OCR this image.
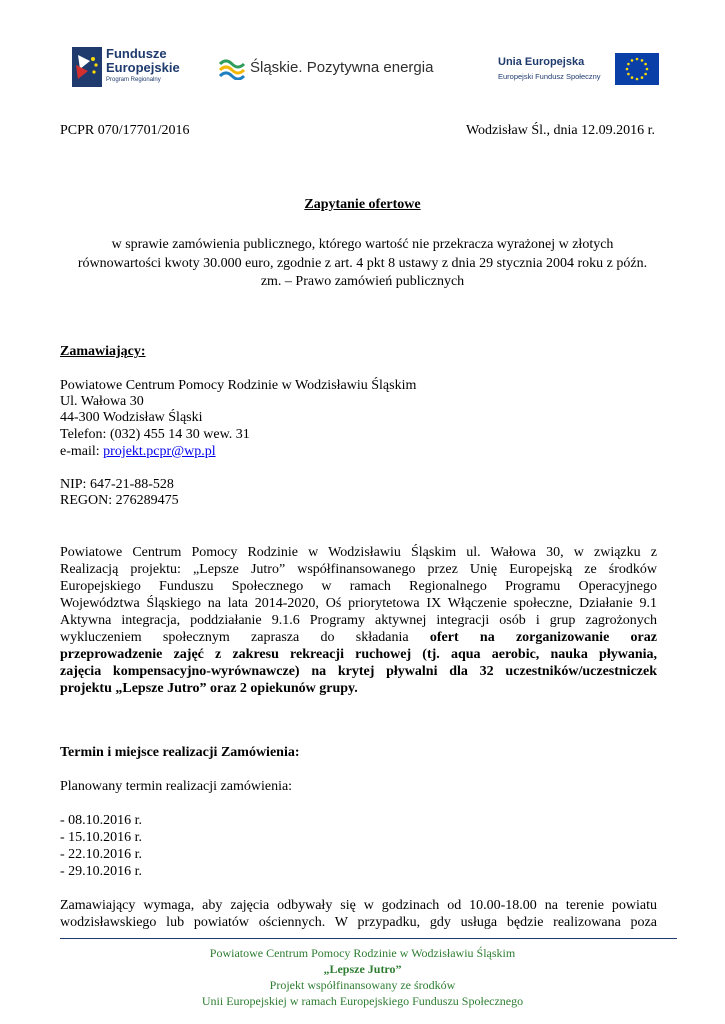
Fundusze
Europejskie
Program Regionalny
Śląskie. Pozytywna energia	Unia Europejska
Europejski Fundusz Społeczny
PCPR 070/17701/2016	Wodzisław Śl., dnia 12.09.2016 r.
Zapytanie ofertowe
w sprawie zamówienia publicznego, którego wartość nie przekracza wyrażonej w złotych
równowartości kwoty 30.000 euro, zgodnie z art. 4 pkt 8 ustawy z dnia 29 stycznia 2004 roku z późn.
zm. – Prawo zamówień publicznych
Zamawiający:
Powiatowe Centrum Pomocy Rodzinie w Wodzisławiu Śląskim
Ul. Wałowa 30
44-300 Wodzisław Śląski
Telefon: (032) 455 14 30 wew. 31
e-mail: projekt.pcpr@wp.pl
NIP: 647-21-88-528
REGON: 276289475
Powiatowe Centrum Pomocy Rodzinie w Wodzisławiu Śląskim ul. Wałowa 30, w związku z
Realizacją projektu: „Lepsze Jutro” współfinansowanego przez Unię Europejską ze środków
Europejskiego Funduszu Społecznego w ramach Regionalnego Programu Operacyjnego
Województwa Śląskiego na lata 2014-2020, Oś priorytetowa IX Włączenie społeczne, Działanie 9.1
Aktywna integracja, poddziałanie 9.1.6 Programy aktywnej integracji osób i grup zagrożonych
wykluczeniem społecznym zaprasza do składania ofert na zorganizowanie oraz
przeprowadzenie zajęć z zakresu rekreacji ruchowej (tj. aqua aerobic, nauka pływania,
zajęcia kompensacyjno-wyrównawcze) na krytej pływalni dla 32 uczestników/uczestniczek
projektu „Lepsze Jutro” oraz 2 opiekunów grupy.
Termin i miejsce realizacji Zamówienia:
Planowany termin realizacji zamówienia:
- 08.10.2016 r.
- 15.10.2016 r.
- 22.10.2016 r.
- 29.10.2016 r.
Zamawiający wymaga, aby zajęcia odbywały się w godzinach od 10.00-18.00 na terenie powiatu
wodzisławskiego lub powiatów ościennych. W przypadku, gdy usługa będzie realizowana poza
Powiatowe Centrum Pomocy Rodzinie w Wodzisławiu Śląskim
„Lepsze Jutro”
Projekt współfinansowany ze środków
Unii Europejskiej w ramach Europejskiego Funduszu Społecznego
